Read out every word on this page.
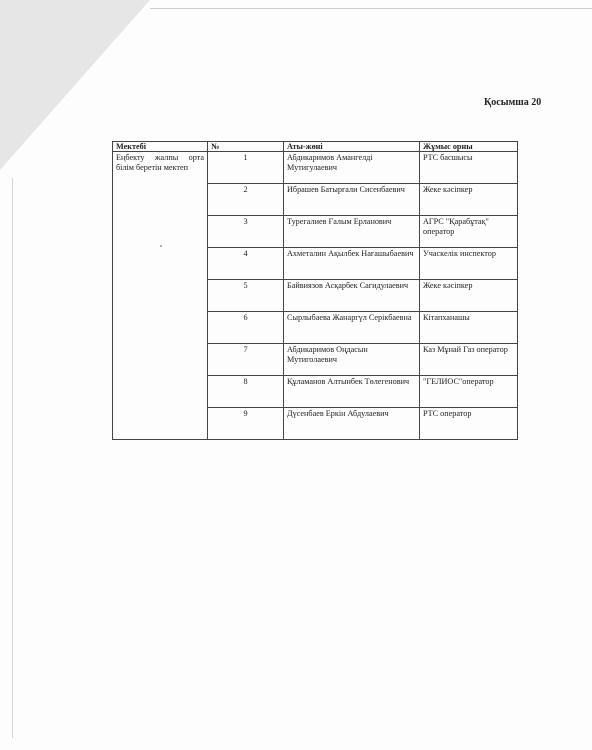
Қосымша 20
Мектебі	№	Аты-жөні	Жұмыс орны
Еңбекту жалпы орта білім беретін мектеп	1	Абдикаримов Амангелді Мутигулаевич	РТС басшысы
	2	Ибрашев Батырғали Сисенбаевич	Жеке кәсіпкер
	3	Турегалиев Ғалым Ерланович	АГРС "Қарабұтақ" оператор
	4	Ахметалин Ақылбек Нағашыбаевич	Учаскелік инспектор
	5	Байвиязов Асқарбек Сагидулаевич	Жеке кәсіпкер
	6	Сырлыбаева Жанаргүл Серікбаевна	Кітапханашы
	7	Абдикаримов Оңдасын Мутиголаевич	Каз Мұнай Газ оператор
	8	Құламанов Алтынбек Төлегенович	"ГЕЛИОС"оператор
	9	Дүсенбаев Еркін Абдулаевич	РТС оператор
